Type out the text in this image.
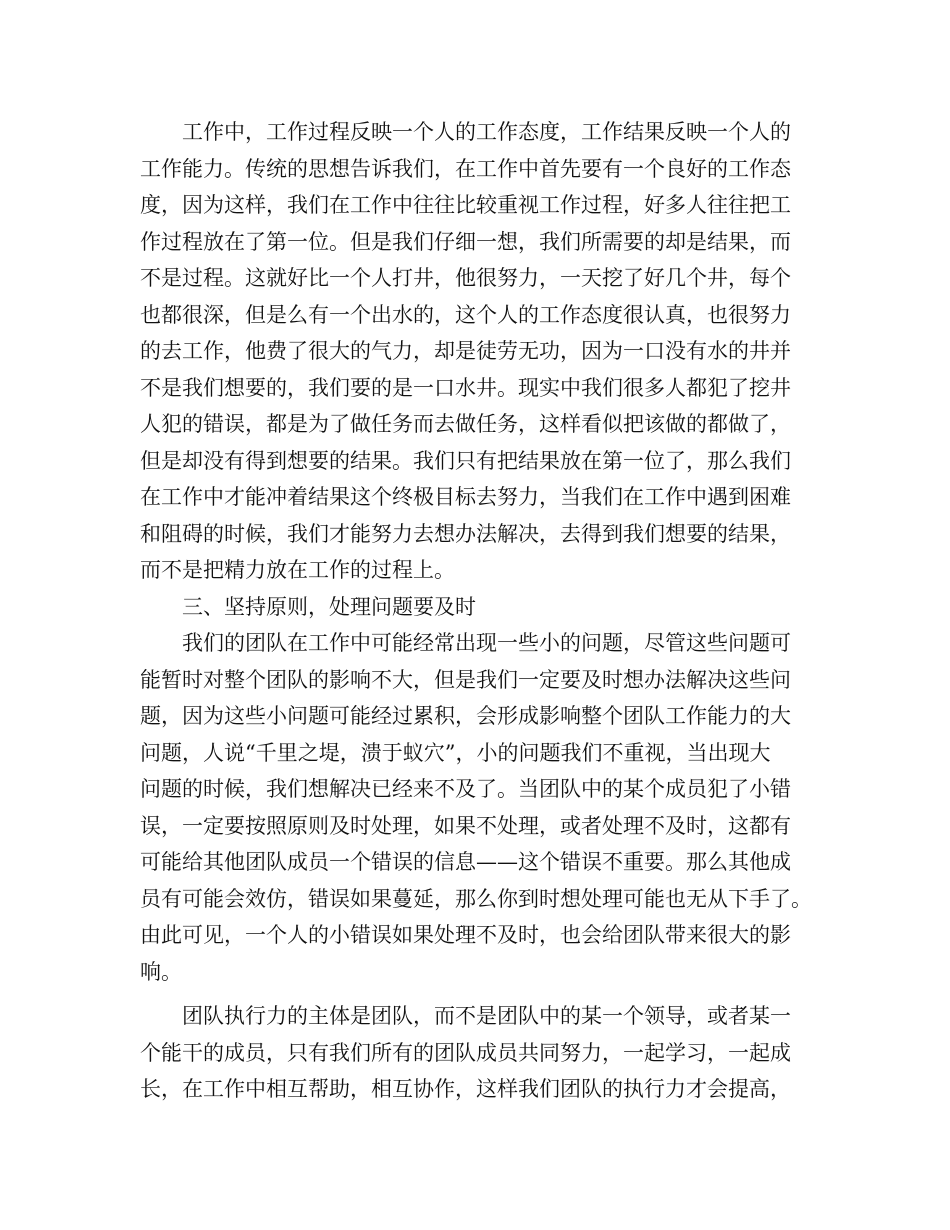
工作中，工作过程反映一个人的工作态度，工作结果反映一个人的
工作能力。传统的思想告诉我们，在工作中首先要有一个良好的工作态
度，因为这样，我们在工作中往往比较重视工作过程，好多人往往把工
作过程放在了第一位。但是我们仔细一想，我们所需要的却是结果，而
不是过程。这就好比一个人打井，他很努力，一天挖了好几个井，每个
也都很深，但是么有一个出水的，这个人的工作态度很认真，也很努力
的去工作，他费了很大的气力，却是徒劳无功，因为一口没有水的井并
不是我们想要的，我们要的是一口水井。现实中我们很多人都犯了挖井
人犯的错误，都是为了做任务而去做任务，这样看似把该做的都做了，
但是却没有得到想要的结果。我们只有把结果放在第一位了，那么我们
在工作中才能冲着结果这个终极目标去努力，当我们在工作中遇到困难
和阻碍的时候，我们才能努力去想办法解决，去得到我们想要的结果，
而不是把精力放在工作的过程上。
三、坚持原则，处理问题要及时
我们的团队在工作中可能经常出现一些小的问题，尽管这些问题可
能暂时对整个团队的影响不大，但是我们一定要及时想办法解决这些问
题，因为这些小问题可能经过累积，会形成影响整个团队工作能力的大
问题，人说“千里之堤，溃于蚁穴”，小的问题我们不重视，当出现大
问题的时候，我们想解决已经来不及了。当团队中的某个成员犯了小错
误，一定要按照原则及时处理，如果不处理，或者处理不及时，这都有
可能给其他团队成员一个错误的信息——这个错误不重要。那么其他成
员有可能会效仿，错误如果蔓延，那么你到时想处理可能也无从下手了。
由此可见，一个人的小错误如果处理不及时，也会给团队带来很大的影
响。
团队执行力的主体是团队，而不是团队中的某一个领导，或者某一
个能干的成员，只有我们所有的团队成员共同努力，一起学习，一起成
长，在工作中相互帮助，相互协作，这样我们团队的执行力才会提高，
